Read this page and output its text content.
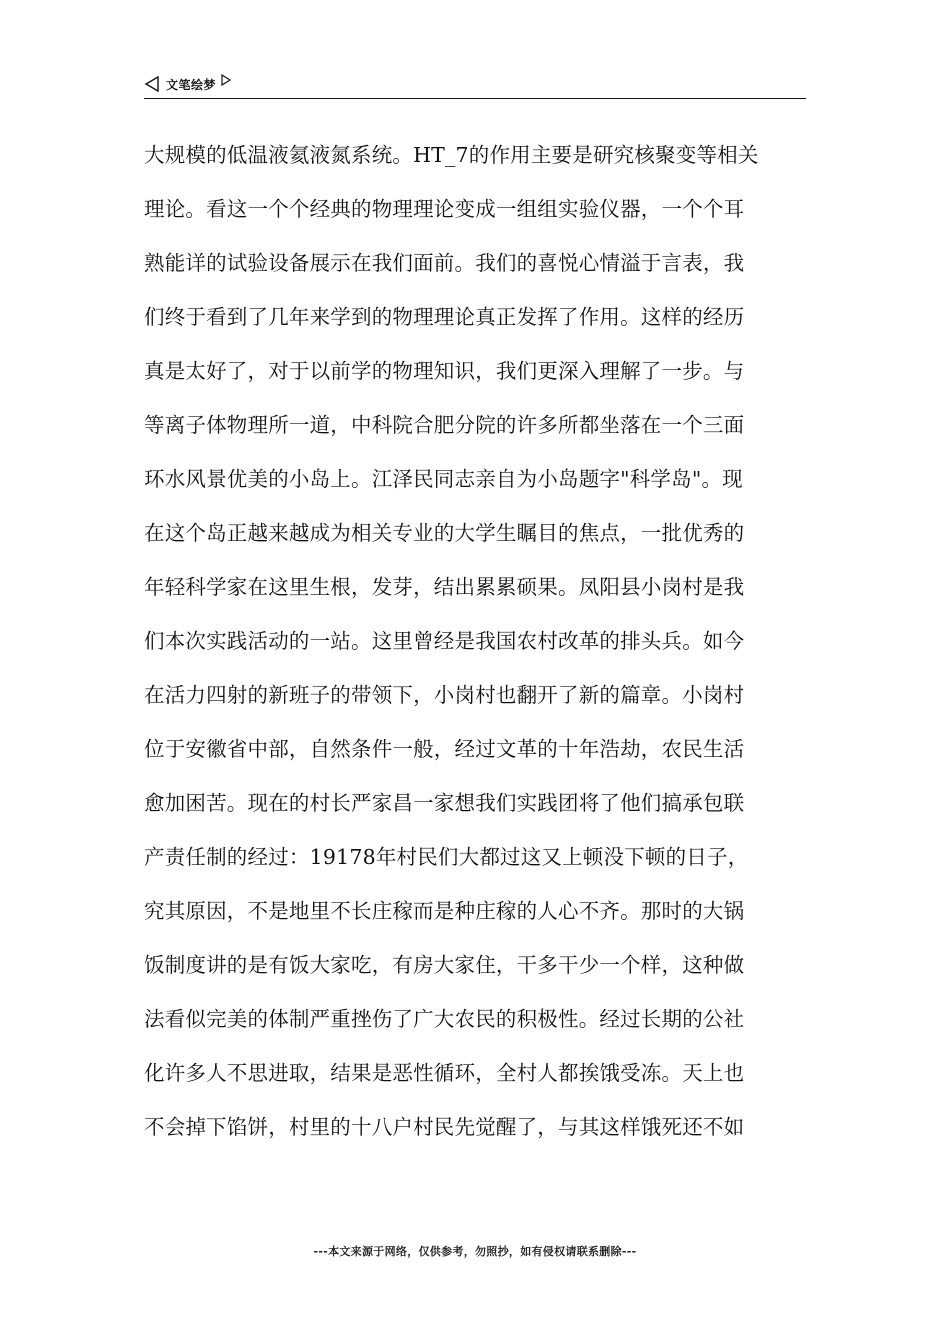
文笔绘梦
大规模的低温液氦液氮系统。HT_7的作用主要是研究核聚变等相关
理论。看这一个个经典的物理理论变成一组组实验仪器，一个个耳
熟能详的试验设备展示在我们面前。我们的喜悦心情溢于言表，我
们终于看到了几年来学到的物理理论真正发挥了作用。这样的经历
真是太好了，对于以前学的物理知识，我们更深入理解了一步。与
等离子体物理所一道，中科院合肥分院的许多所都坐落在一个三面
环水风景优美的小岛上。江泽民同志亲自为小岛题字"科学岛"。现
在这个岛正越来越成为相关专业的大学生瞩目的焦点，一批优秀的
年轻科学家在这里生根，发芽，结出累累硕果。凤阳县小岗村是我
们本次实践活动的一站。这里曾经是我国农村改革的排头兵。如今
在活力四射的新班子的带领下，小岗村也翻开了新的篇章。小岗村
位于安徽省中部，自然条件一般，经过文革的十年浩劫，农民生活
愈加困苦。现在的村长严家昌一家想我们实践团将了他们搞承包联
产责任制的经过：19178年村民们大都过这又上顿没下顿的日子，
究其原因，不是地里不长庄稼而是种庄稼的人心不齐。那时的大锅
饭制度讲的是有饭大家吃，有房大家住，干多干少一个样，这种做
法看似完美的体制严重挫伤了广大农民的积极性。经过长期的公社
化许多人不思进取，结果是恶性循环，全村人都挨饿受冻。天上也
不会掉下馅饼，村里的十八户村民先觉醒了，与其这样饿死还不如
---本文来源于网络，仅供参考，勿照抄，如有侵权请联系删除---
